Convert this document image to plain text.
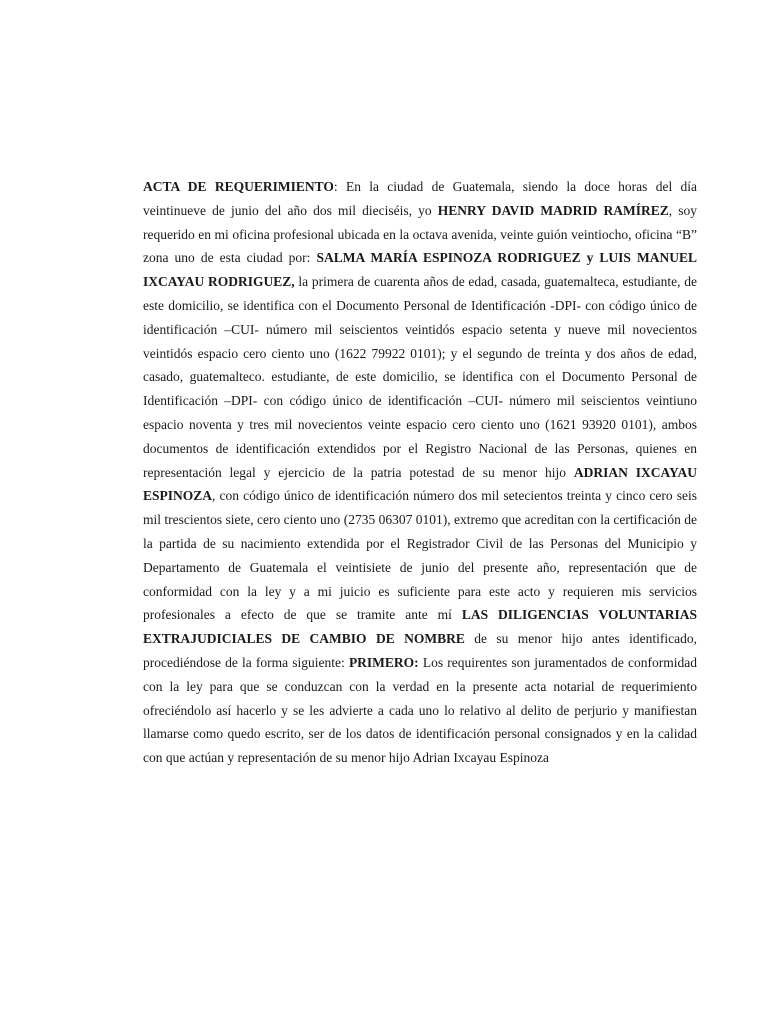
ACTA DE REQUERIMIENTO: En la ciudad de Guatemala, siendo la doce horas del día veintinueve de junio del año dos mil dieciséis, yo HENRY DAVID MADRID RAMÍREZ, soy requerido en mi oficina profesional ubicada en la octava avenida, veinte guión veintiocho, oficina “B” zona uno de esta ciudad por: SALMA MARÍA ESPINOZA RODRIGUEZ y LUIS MANUEL IXCAYAU RODRIGUEZ, la primera de cuarenta años de edad, casada, guatemalteca, estudiante, de este domicilio, se identifica con el Documento Personal de Identificación -DPI- con código único de identificación –CUI- número mil seiscientos veintidós espacio setenta y nueve mil novecientos veintidós espacio cero ciento uno (1622 79922 0101); y el segundo de treinta y dos años de edad, casado, guatemalteco. estudiante, de este domicilio, se identifica con el Documento Personal de Identificación –DPI- con código único de identificación –CUI- número mil seiscientos veintiuno espacio noventa y tres mil novecientos veinte espacio cero ciento uno (1621 93920 0101), ambos documentos de identificación extendidos por el Registro Nacional de las Personas, quienes en representación legal y ejercicio de la patria potestad de su menor hijo ADRIAN IXCAYAU ESPINOZA, con código único de identificación número dos mil setecientos treinta y cinco cero seis mil trescientos siete, cero ciento uno (2735 06307 0101), extremo que acreditan con la certificación de la partida de su nacimiento extendida por el Registrador Civil de las Personas del Municipio y Departamento de Guatemala el veintisiete de junio del presente año, representación que de conformidad con la ley y a mi juicio es suficiente para este acto y requieren mis servicios profesionales a efecto de que se tramite ante mí LAS DILIGENCIAS VOLUNTARIAS EXTRAJUDICIALES DE CAMBIO DE NOMBRE de su menor hijo antes identificado, procediéndose de la forma siguiente: PRIMERO: Los requirentes son juramentados de conformidad con la ley para que se conduzcan con la verdad en la presente acta notarial de requerimiento ofreciéndolo así hacerlo y se les advierte a cada uno lo relativo al delito de perjurio y manifiestan llamarse como quedo escrito, ser de los datos de identificación personal consignados y en la calidad con que actúan y representación de su menor hijo Adrian Ixcayau Espinoza
